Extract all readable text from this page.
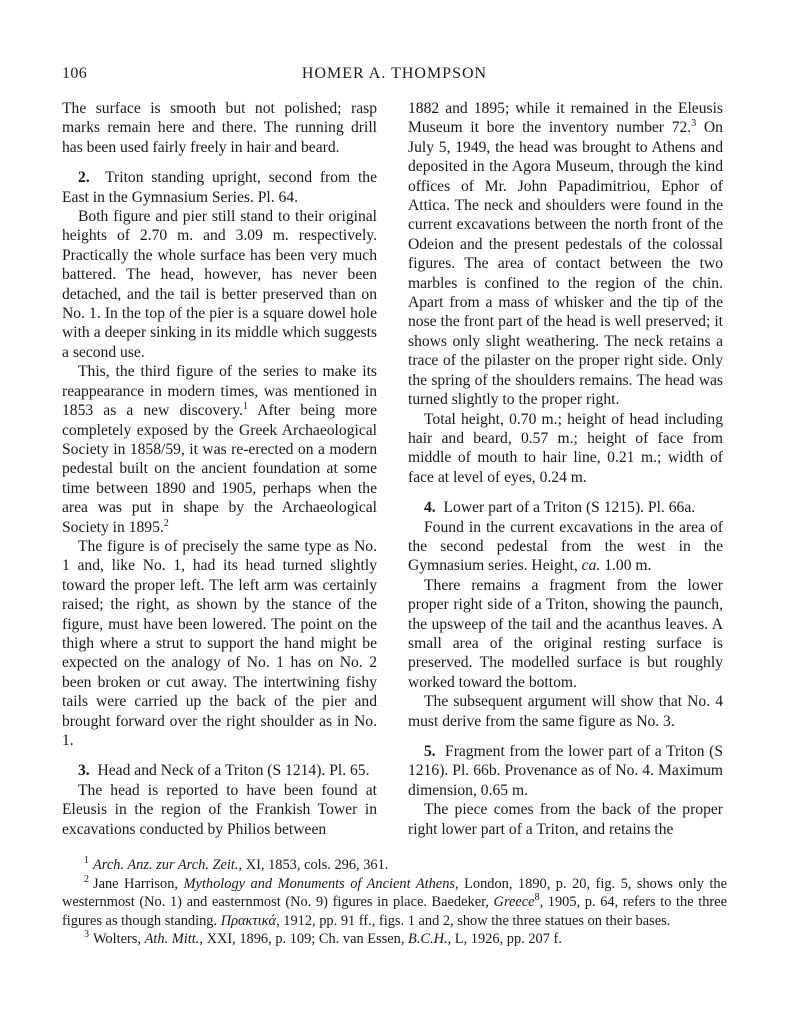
106	HOMER A. THOMPSON

The surface is smooth but not polished; rasp marks remain here and there. The running drill has been used fairly freely in hair and beard.

2. Triton standing upright, second from the East in the Gymnasium Series. Pl. 64.

Both figure and pier still stand to their original heights of 2.70 m. and 3.09 m. respectively. Practically the whole surface has been very much battered. The head, however, has never been detached, and the tail is better preserved than on No. 1. In the top of the pier is a square dowel hole with a deeper sinking in its middle which suggests a second use.

This, the third figure of the series to make its reappearance in modern times, was mentioned in 1853 as a new discovery.$^1$ After being more completely exposed by the Greek Archaeological Society in 1858/59, it was re-erected on a modern pedestal built on the ancient foundation at some time between 1890 and 1905, perhaps when the area was put in shape by the Archaeological Society in 1895.$^2$

The figure is of precisely the same type as No. 1 and, like No. 1, had its head turned slightly toward the proper left. The left arm was certainly raised; the right, as shown by the stance of the figure, must have been lowered. The point on the thigh where a strut to support the hand might be expected on the analogy of No. 1 has on No. 2 been broken or cut away. The intertwining fishy tails were carried up the back of the pier and brought forward over the right shoulder as in No. 1.

3. Head and Neck of a Triton (S 1214). Pl. 65.

The head is reported to have been found at Eleusis in the region of the Frankish Tower in excavations conducted by Philios between

1882 and 1895; while it remained in the Eleusis Museum it bore the inventory number 72.$^3$ On July 5, 1949, the head was brought to Athens and deposited in the Agora Museum, through the kind offices of Mr. John Papadimitriou, Ephor of Attica. The neck and shoulders were found in the current excavations between the north front of the Odeion and the present pedestals of the colossal figures. The area of contact between the two marbles is confined to the region of the chin. Apart from a mass of whisker and the tip of the nose the front part of the head is well preserved; it shows only slight weathering. The neck retains a trace of the pilaster on the proper right side. Only the spring of the shoulders remains. The head was turned slightly to the proper right.

Total height, 0.70 m.; height of head including hair and beard, 0.57 m.; height of face from middle of mouth to hair line, 0.21 m.; width of face at level of eyes, 0.24 m.

4. Lower part of a Triton (S 1215). Pl. 66a.

Found in the current excavations in the area of the second pedestal from the west in the Gymnasium series. Height, ca. 1.00 m.

There remains a fragment from the lower proper right side of a Triton, showing the paunch, the upsweep of the tail and the acanthus leaves. A small area of the original resting surface is preserved. The modelled surface is but roughly worked toward the bottom.

The subsequent argument will show that No. 4 must derive from the same figure as No. 3.

5. Fragment from the lower part of a Triton (S 1216). Pl. 66b. Provenance as of No. 4. Maximum dimension, 0.65 m.

The piece comes from the back of the proper right lower part of a Triton, and retains the

$^1$ Arch. Anz. zur Arch. Zeit., XI, 1853, cols. 296, 361.

$^2$ Jane Harrison, Mythology and Monuments of Ancient Athens, London, 1890, p. 20, fig. 5, shows only the westernmost (No. 1) and easternmost (No. 9) figures in place. Baedeker, Greece$^8$, 1905, p. 64, refers to the three figures as though standing. Πρακτικά, 1912, pp. 91 ff., figs. 1 and 2, show the three statues on their bases.

$^3$ Wolters, Ath. Mitt., XXI, 1896, p. 109; Ch. van Essen, B.C.H., L, 1926, pp. 207 f.
